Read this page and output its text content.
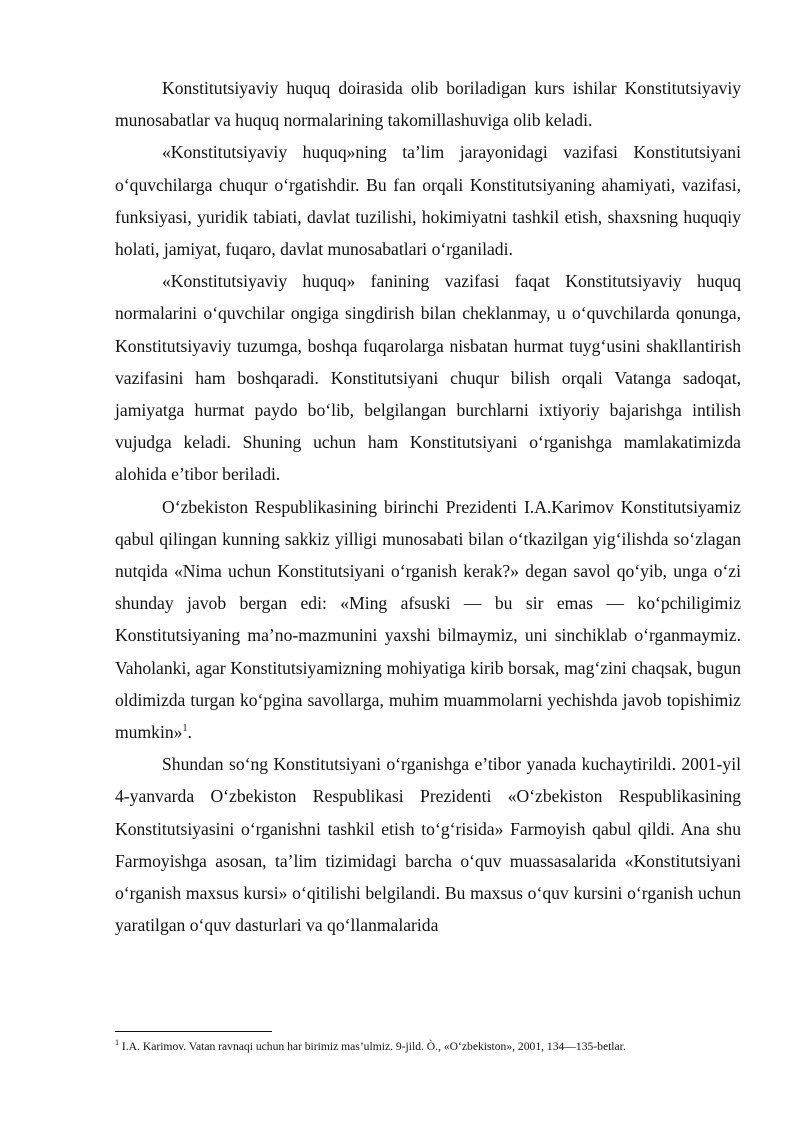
Konstitutsiyaviy huquq doirasida olib boriladigan kurs ishilar Konstitutsiyaviy munosabatlar va huquq normalarining takomillashuviga olib keladi.

«Konstitutsiyaviy huquq»ning ta’lim jarayonidagi vazifasi Konstitutsiyani o‘quvchilarga chuqur o‘rgatishdir. Bu fan orqali Konstitutsiyaning ahamiyati, vazifasi, funksiyasi, yuridik tabiati, davlat tuzilishi, hokimiyatni tashkil etish, shaxsning huquqiy holati, jamiyat, fuqaro, davlat munosabatlari o‘rganiladi.

«Konstitutsiyaviy huquq» fanining vazifasi faqat Konstitutsiyaviy huquq normalarini o‘quvchilar ongiga singdirish bilan cheklanmay, u o‘quvchilarda qonunga, Konstitutsiyaviy tuzumga, boshqa fuqarolarga nisbatan hurmat tuyg‘usini shakllantirish vazifasini ham boshqaradi. Konstitutsiyani chuqur bilish orqali Vatanga sadoqat, jamiyatga hurmat paydo bo‘lib, belgilangan burchlarni ixtiyoriy bajarishga intilish vujudga keladi. Shuning uchun ham Konstitutsiyani o‘rganishga mamlakatimizda alohida e’tibor beriladi.

O‘zbekiston Respublikasining birinchi Prezidenti I.A.Karimov Konstitutsiyamiz qabul qilingan kunning sakkiz yilligi munosabati bilan o‘tkazilgan yig‘ilishda so‘zlagan nutqida «Nima uchun Konstitutsiyani o‘rganish kerak?» degan savol qo‘yib, unga o‘zi shunday javob bergan edi: «Ming afsuski — bu sir emas — ko‘pchiligimiz Konstitutsiyaning ma’no-mazmunini yaxshi bilmaymiz, uni sinchiklab o‘rganmaymiz. Vaholanki, agar Konstitutsiyamizning mohiyatiga kirib borsak, mag‘zini chaqsak, bugun oldimizda turgan ko‘pgina savollarga, muhim muammolarni yechishda javob topishimiz mumkin»$^1$.

Shundan so‘ng Konstitutsiyani o‘rganishga e’tibor yanada kuchaytirildi. 2001-yil 4-yanvarda O‘zbekiston Respublikasi Prezidenti «O‘zbekiston Respublikasining Konstitutsiyasini o‘rganishni tashkil etish to‘g‘risida» Farmoyish qabul qildi. Ana shu Farmoyishga asosan, ta’lim tizimidagi barcha o‘quv muassasalarida «Konstitutsiyani o‘rganish maxsus kursi» o‘qitilishi belgilandi. Bu maxsus o‘quv kursini o‘rganish uchun yaratilgan o‘quv dasturlari va qo‘llanmalarida

$^1$ I.A. Karimov. Vatan ravnaqi uchun har birimiz mas’ulmiz. 9-jild. Ò., «O‘zbekiston», 2001, 134—135-betlar.
